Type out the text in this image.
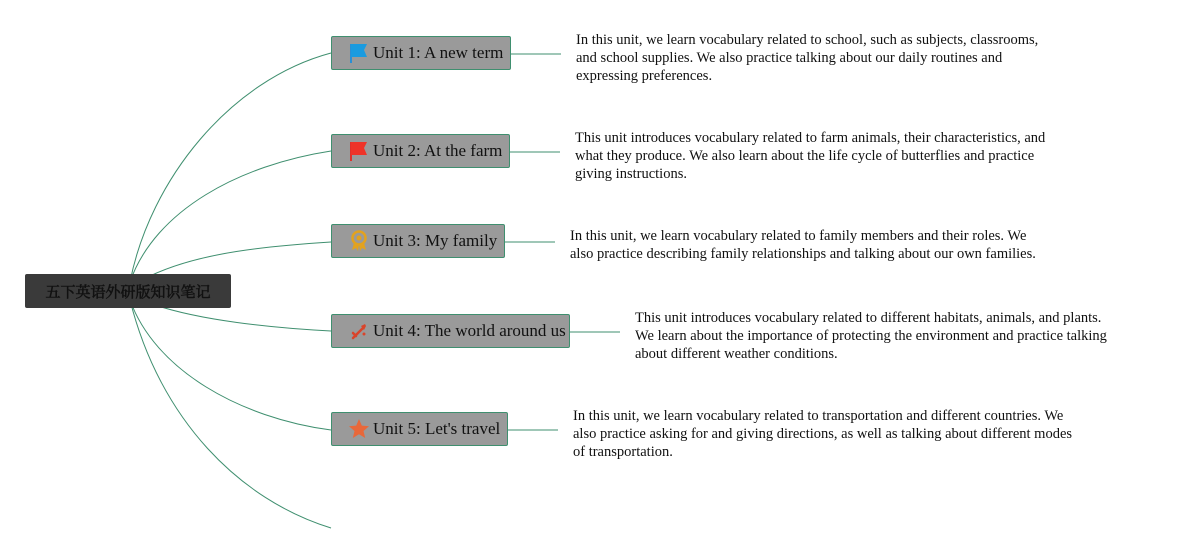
五下英语外研版知识笔记
Unit 1: A new term
In this unit, we learn vocabulary related to school, such as subjects, classrooms, and school supplies. We also practice talking about our daily routines and expressing preferences.
Unit 2: At the farm
This unit introduces vocabulary related to farm animals, their characteristics, and what they produce. We also learn about the life cycle of butterflies and practice giving instructions.
Unit 3: My family	In this unit, we learn vocabulary related to family members and their roles. We also practice describing family relationships and talking about our own families.
Unit 4: The world around us
This unit introduces vocabulary related to different habitats, animals, and plants. We learn about the importance of protecting the environment and practice talking about different weather conditions.
Unit 5: Let's travel
In this unit, we learn vocabulary related to transportation and different countries. We also practice asking for and giving directions, as well as talking about different modes of transportation.
